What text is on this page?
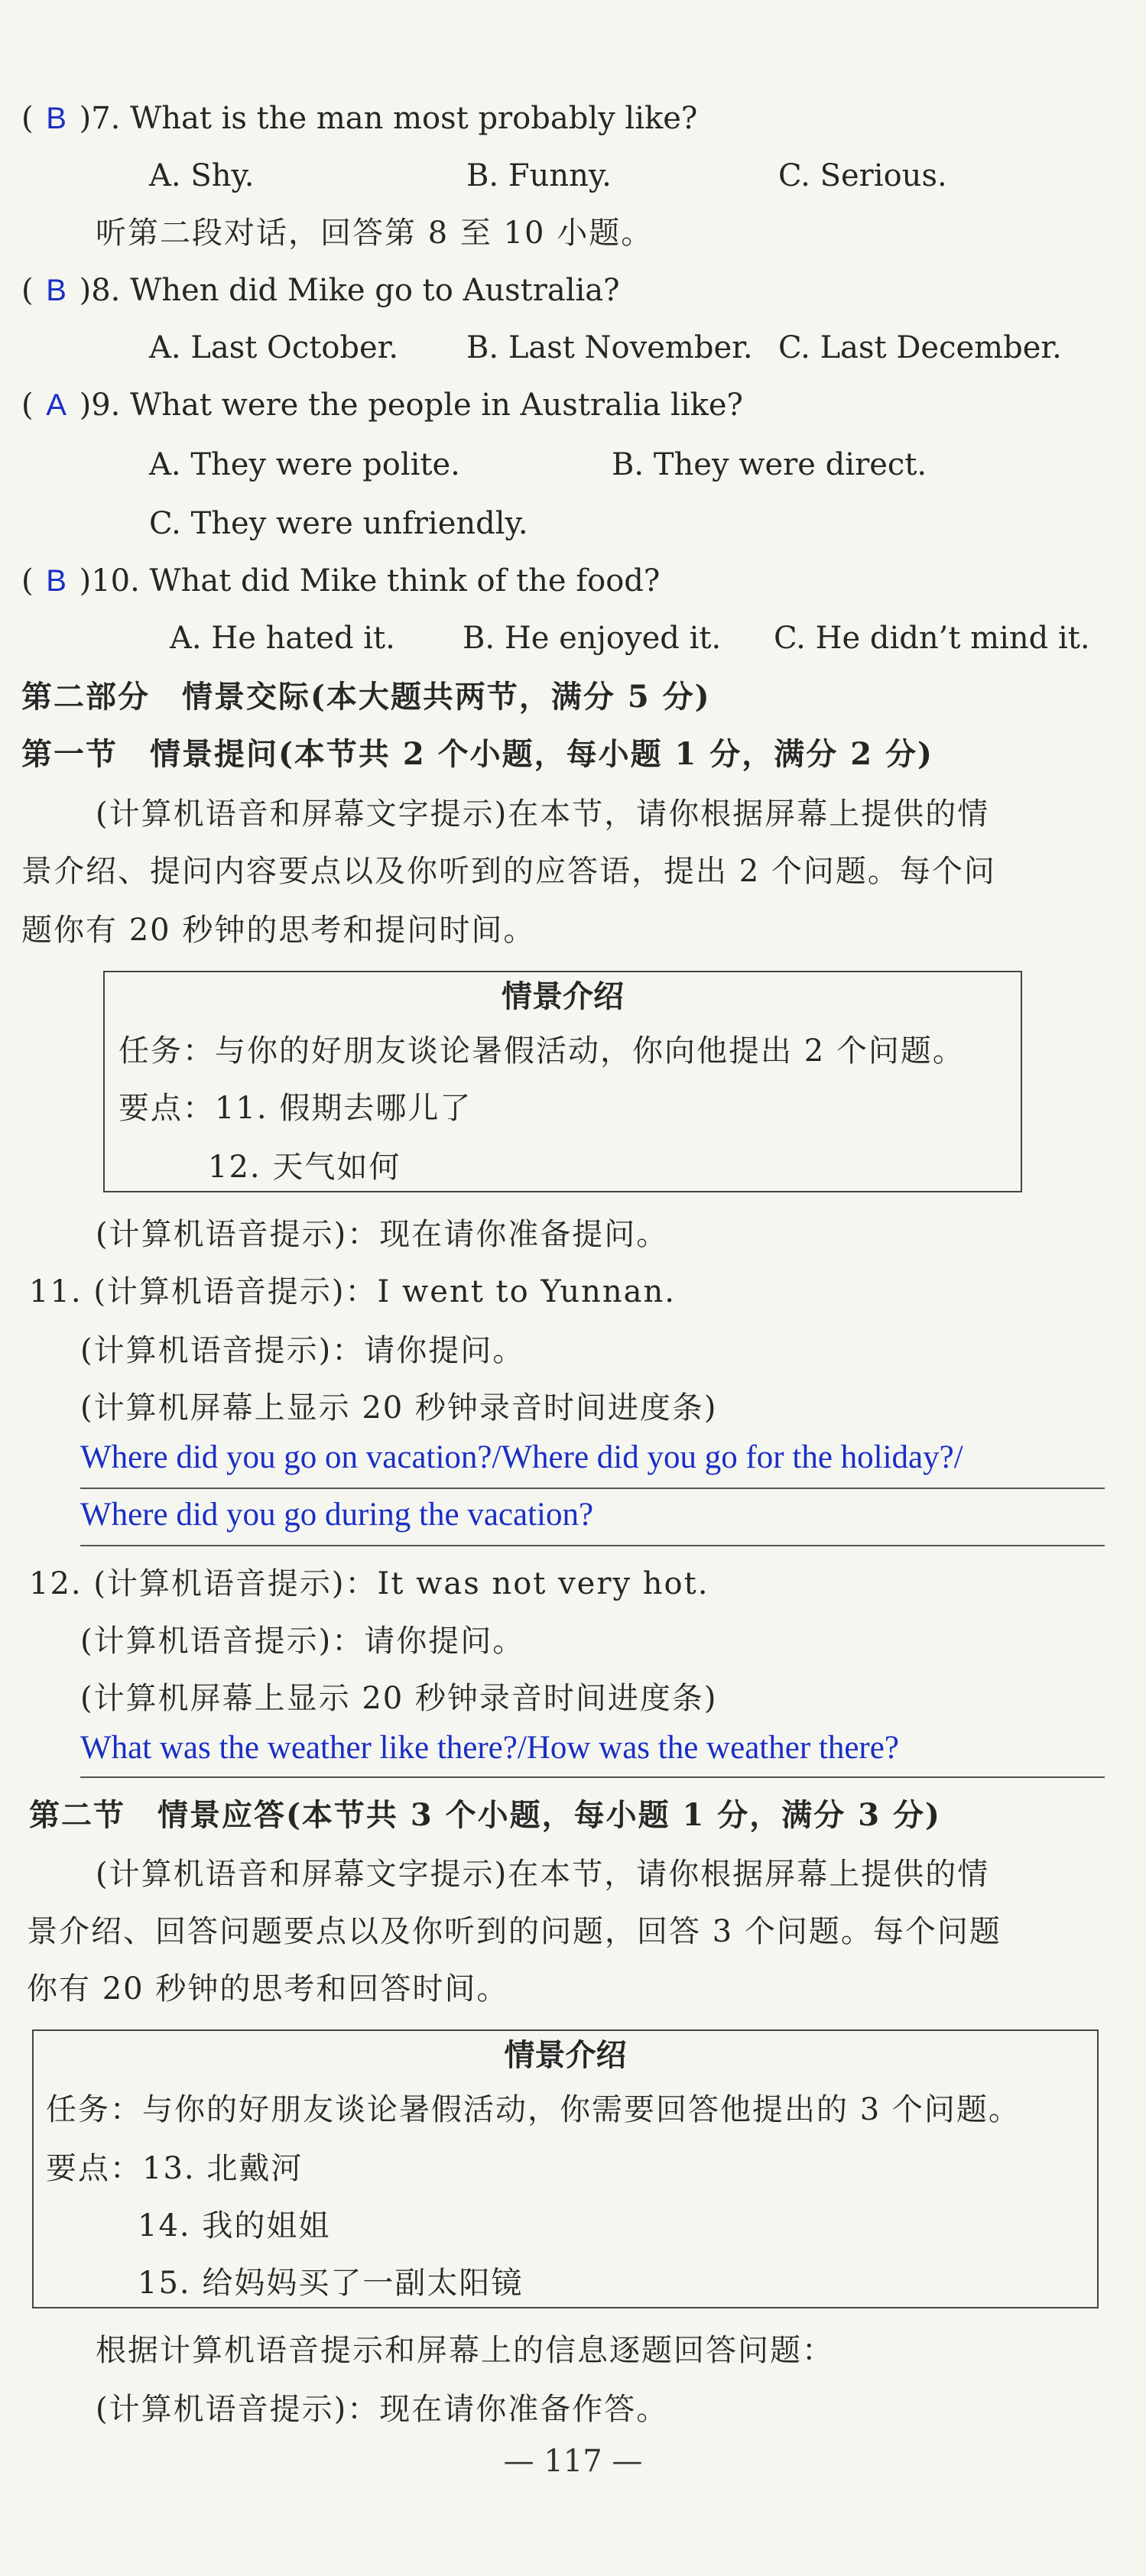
( B )7. What is the man most probably like?
A. Shy.	B. Funny.	C. Serious.
听第二段对话，回答第 8 至 10 小题。
( B )8. When did Mike go to Australia?
A. Last October. B. Last November. C. Last December.
( A )9. What were the people in Australia like?
A. They were polite.	B. They were direct.
C. They were unfriendly.
( B )10. What did Mike think of the food?
A. He hated it. B. He enjoyed it. C. He didn’t mind it.
第二部分　情景交际(本大题共两节，满分 5 分)
第一节　情景提问(本节共 2 个小题，每小题 1 分，满分 2 分)
(计算机语音和屏幕文字提示)在本节，请你根据屏幕上提供的情
景介绍、提问内容要点以及你听到的应答语，提出 2 个问题。每个问
题你有 20 秒钟的思考和提问时间。
情景介绍
任务：与你的好朋友谈论暑假活动，你向他提出 2 个问题。
要点：11. 假期去哪儿了
12. 天气如何
(计算机语音提示)：现在请你准备提问。
11. (计算机语音提示)：I went to Yunnan.
(计算机语音提示)：请你提问。
(计算机屏幕上显示 20 秒钟录音时间进度条)
Where did you go on vacation?/Where did you go for the holiday?/
Where did you go during the vacation?
12. (计算机语音提示)：It was not very hot.
(计算机语音提示)：请你提问。
(计算机屏幕上显示 20 秒钟录音时间进度条)
What was the weather like there?/How was the weather there?
第二节　情景应答(本节共 3 个小题，每小题 1 分，满分 3 分)
(计算机语音和屏幕文字提示)在本节，请你根据屏幕上提供的情
景介绍、回答问题要点以及你听到的问题，回答 3 个问题。每个问题
你有 20 秒钟的思考和回答时间。
情景介绍
任务：与你的好朋友谈论暑假活动，你需要回答他提出的 3 个问题。
要点：13. 北戴河
14. 我的姐姐
15. 给妈妈买了一副太阳镜
根据计算机语音提示和屏幕上的信息逐题回答问题：
(计算机语音提示)：现在请你准备作答。
— 117 —
